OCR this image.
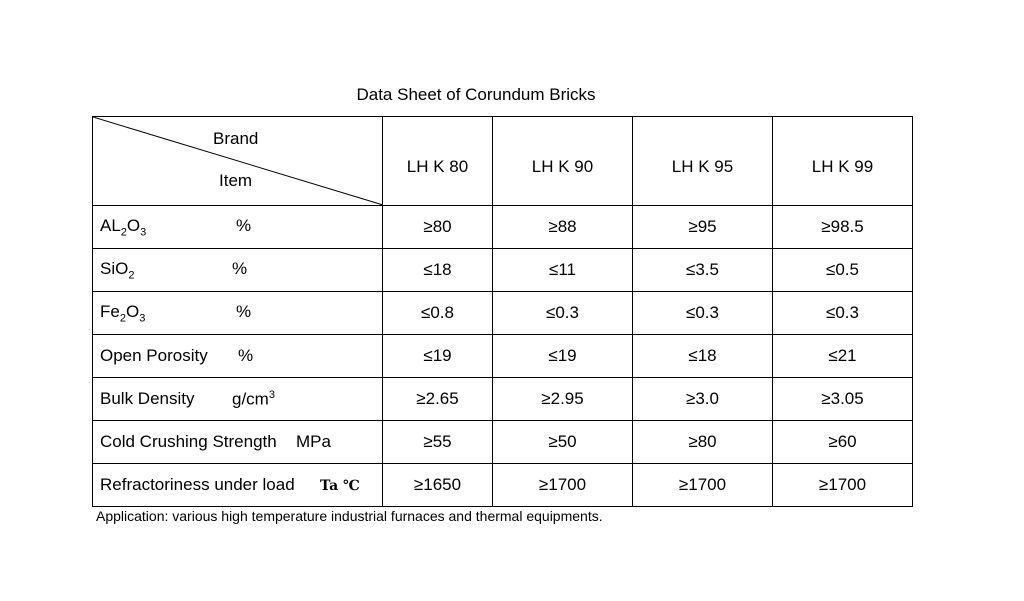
Data Sheet of Corundum Bricks
Brand
Item	LH K 80	LH K 90	LH K 95	LH K 99
$AL_2O_3$ %	≥80	≥88	≥95	≥98.5
SiO$_2$ %	≤18	≤11	≤3.5	≤0.5
$Fe_2O_3$ %	≤0.8	≤0.3	≤0.3	≤0.3
Open Porosity %	≤19	≤19	≤18	≤21
Bulk Density $g/cm^3$	≥2.65	≥2.95	≥3.0	≥3.05
Cold Crushing Strength MPa	≥55	≥50	≥80	≥60
Refractoriness under load Ta ℃	≥1650	≥1700	≥1700	≥1700
Application: various high temperature industrial furnaces and thermal equipments.
